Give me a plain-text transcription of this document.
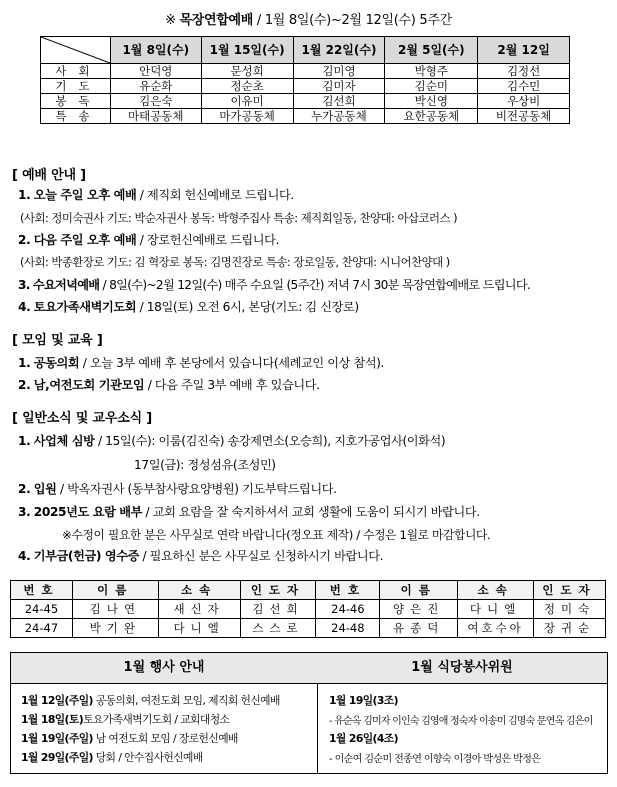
※ 목장연합예배 / 1월 8일(수)~2월 12일(수) 5주간
	1월 8일(수)	1월 15일(수)	1월 22일(수)	2월 5일(수)	2월 12일
사회	안덕영	문성희	김미영	박형주	김정선
기도	유순화	정순초	김미자	김순미	김수민
봉독	김은숙	이유미	김선희	박신영	우상비
특송	마태공동체	마가공동체	누가공동체	요한공동체	비전공동체
[ 예배 안내 ]
1. 오늘 주일 오후 예배 / 제직회 헌신예배로 드립니다.
(사회: 정미숙권사 기도: 박순자권사 봉독: 박형주집사 특송: 제직회일동, 찬양대: 아삽코러스 )
2. 다음 주일 오후 예배 / 장로헌신예배로 드립니다.
(사회: 박종환장로 기도: 김 혁장로 봉독: 김명진장로 특송: 장로일동, 찬양대: 시니어찬양대 )
3. 수요저녁예배 / 8일(수)~2월 12일(수) 매주 수요일 (5주간) 저녁 7시 30분 목장연합예배로 드립니다.
4. 토요가족새벽기도회 / 18일(토) 오전 6시, 본당(기도: 김 신장로)
[ 모임 및 교육 ]
1. 공동의회 / 오늘 3부 예배 후 본당에서 있습니다(세례교인 이상 참석).
2. 남,여전도회 기관모임 / 다음 주일 3부 예배 후 있습니다.
[ 일반소식 및 교우소식 ]
1. 사업체 심방 / 15일(수): 이룸(김진숙) 송강제면소(오승희), 지호가공업사(이화석)
17일(금): 정성섬유(조성민)
2. 입원 / 박옥자권사 (동부참사랑요양병원) 기도부탁드립니다.
3. 2025년도 요람 배부 / 교회 요람을 잘 숙지하셔서 교회 생활에 도움이 되시기 바랍니다.
※수정이 필요한 분은 사무실로 연락 바랍니다(정오표 제작) / 수정은 1월로 마감합니다.
4. 기부금(헌금) 영수증 / 필요하신 분은 사무실로 신청하시기 바랍니다.
번호	이름	소속	인도자	번호	이름	소속	인도자
24-45	김나연	새신자	김선희	24-46	양은진	다니엘	정미숙
24-47	박기완	다니엘	스스로	24-48	유종덕	여호수아	장귀순
1월 행사 안내
1월 12일(주일) 공동의회, 여전도회 모임, 제직회 헌신예배
1월 18일(토)토요가족새벽기도회 / 교회대청소
1월 19일(주일) 남 여전도회 모임 / 장로헌신예배
1월 29일(주일) 당회 / 안수집사헌신예배
1월 식당봉사위원
1월 19일(3조)
- 유순옥 김미자 이인숙 김영애 정숙자 이송미 김명숙 문연옥 김은이
1월 26일(4조)
- 이순여 김순미 전종연 이향숙 이경아 박성은 박정은
